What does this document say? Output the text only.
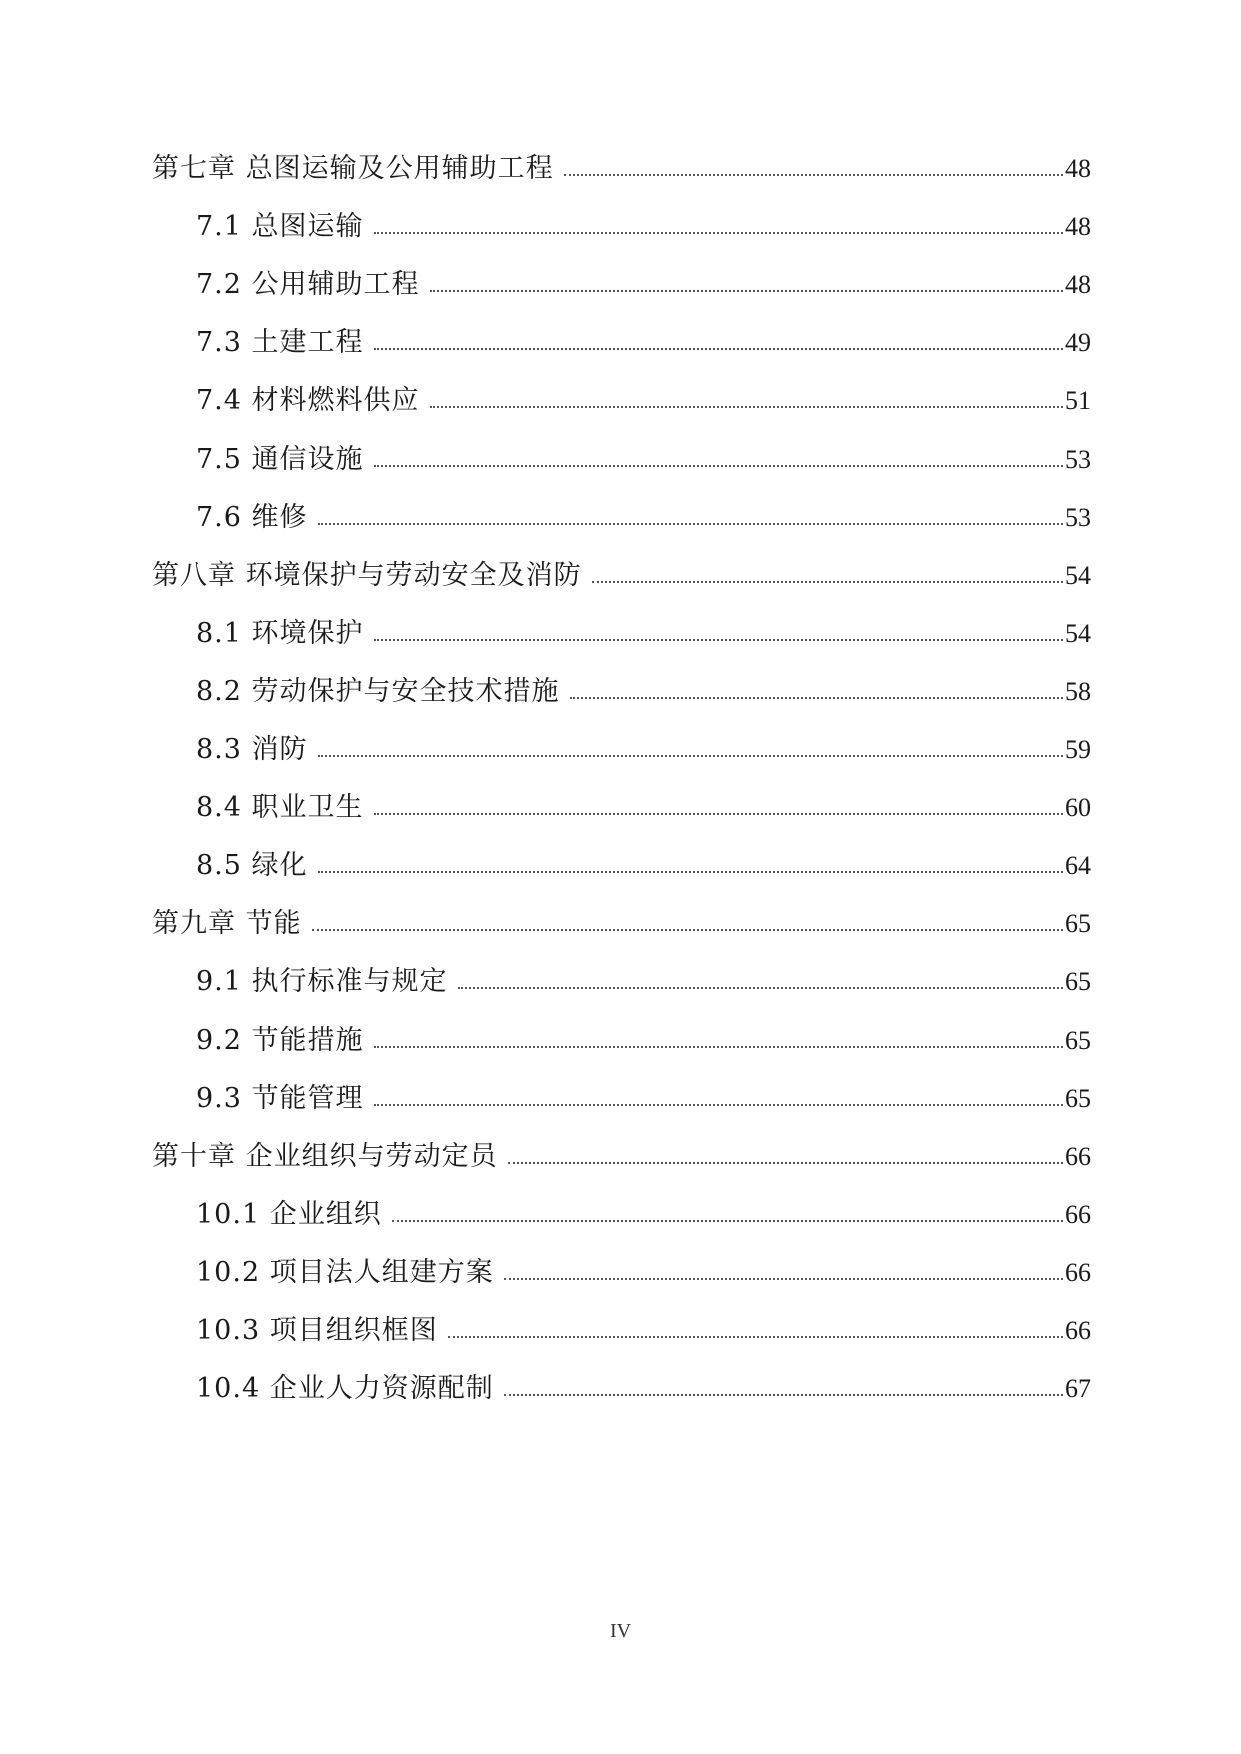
第七章 总图运输及公用辅助工程	48
7.1 总图运输	48
7.2 公用辅助工程	48
7.3 土建工程	49
7.4 材料燃料供应	51
7.5 通信设施	53
7.6 维修	53
第八章 环境保护与劳动安全及消防	54
8.1 环境保护	54
8.2 劳动保护与安全技术措施	58
8.3 消防	59
8.4 职业卫生	60
8.5 绿化	64
第九章 节能	65
9.1 执行标准与规定	65
9.2 节能措施	65
9.3 节能管理	65
第十章 企业组织与劳动定员	66
10.1 企业组织	66
10.2 项目法人组建方案	66
10.3 项目组织框图	66
10.4 企业人力资源配制	67
IV
